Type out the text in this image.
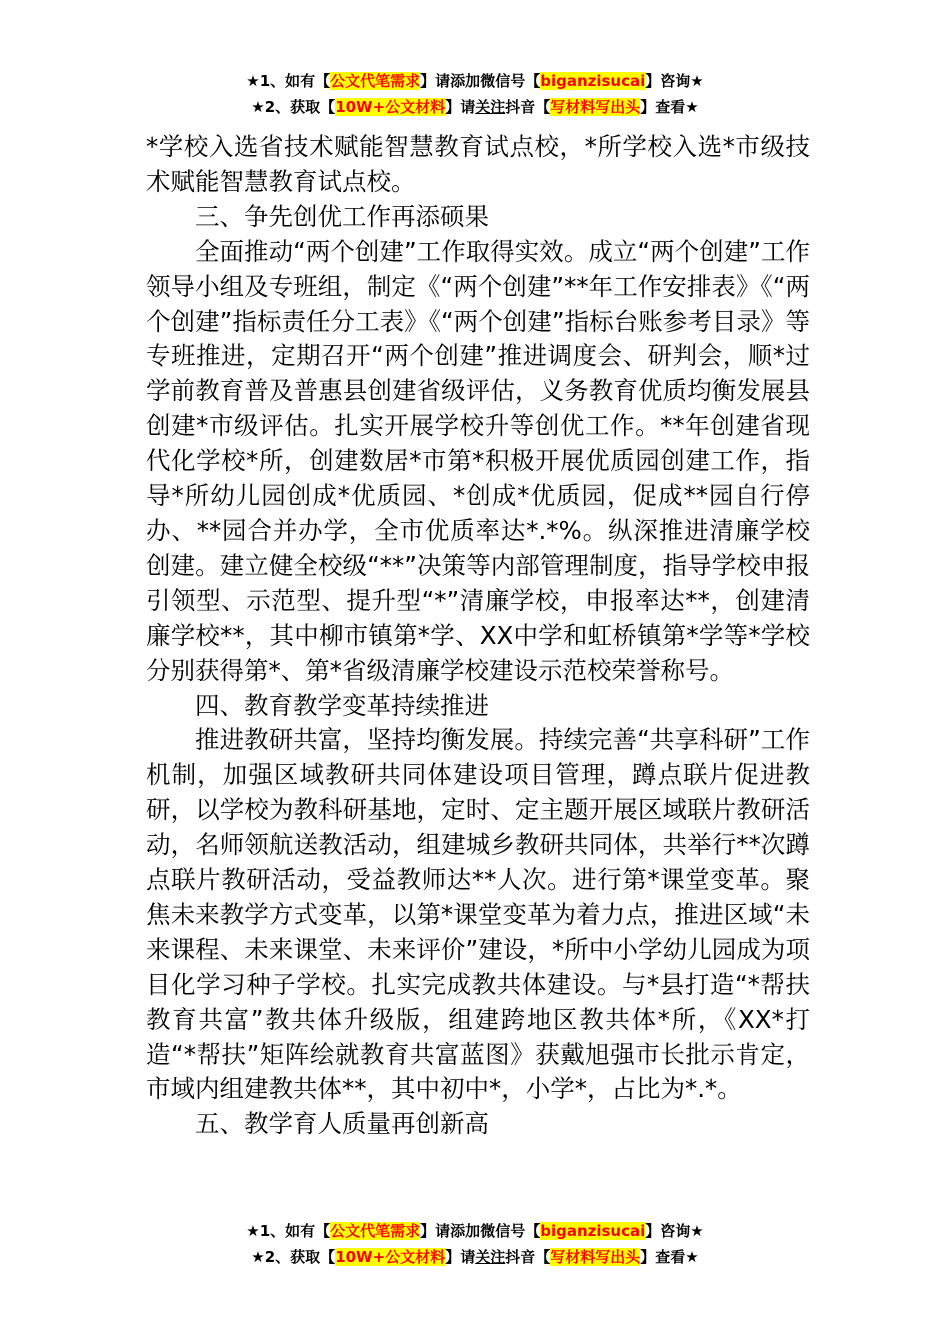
★1、如有【公文代笔需求】请添加微信号【biganzisucai】咨询★
★2、获取【10W+公文材料】请关注抖音【写材料写出头】查看★

*学校入选省技术赋能智慧教育试点校，*所学校入选*市级技术赋能智慧教育试点校。

三、争先创优工作再添硕果

全面推动“两个创建”工作取得实效。成立“两个创建”工作领导小组及专班组，制定《“两个创建”**年工作安排表》《“两个创建”指标责任分工表》《“两个创建”指标台账参考目录》等专班推进，定期召开“两个创建”推进调度会、研判会，顺*过学前教育普及普惠县创建省级评估，义务教育优质均衡发展县创建*市级评估。扎实开展学校升等创优工作。**年创建省现代化学校*所，创建数居*市第*积极开展优质园创建工作，指导*所幼儿园创成*优质园、*创成*优质园，促成**园自行停办、**园合并办学，全市优质率达*.*%。纵深推进清廉学校创建。建立健全校级“**”决策等内部管理制度，指导学校申报引领型、示范型、提升型“*”清廉学校，申报率达**，创建清廉学校**，其中柳市镇第*学、XX中学和虹桥镇第*学等*学校分别获得第*、第*省级清廉学校建设示范校荣誉称号。

四、教育教学变革持续推进

推进教研共富，坚持均衡发展。持续完善“共享科研”工作机制，加强区域教研共同体建设项目管理，蹲点联片促进教研，以学校为教科研基地，定时、定主题开展区域联片教研活动，名师领航送教活动，组建城乡教研共同体，共举行**次蹲点联片教研活动，受益教师达**人次。进行第*课堂变革。聚焦未来教学方式变革，以第*课堂变革为着力点，推进区域“未来课程、未来课堂、未来评价”建设，*所中小学幼儿园成为项目化学习种子学校。扎实完成教共体建设。与*县打造“*帮扶 教育共富”教共体升级版，组建跨地区教共体*所，《XX*打造“*帮扶”矩阵绘就教育共富蓝图》获戴旭强市长批示肯定，市域内组建教共体**，其中初中*，小学*，占比为*.*。

五、教学育人质量再创新高

★1、如有【公文代笔需求】请添加微信号【biganzisucai】咨询★
★2、获取【10W+公文材料】请关注抖音【写材料写出头】查看★
